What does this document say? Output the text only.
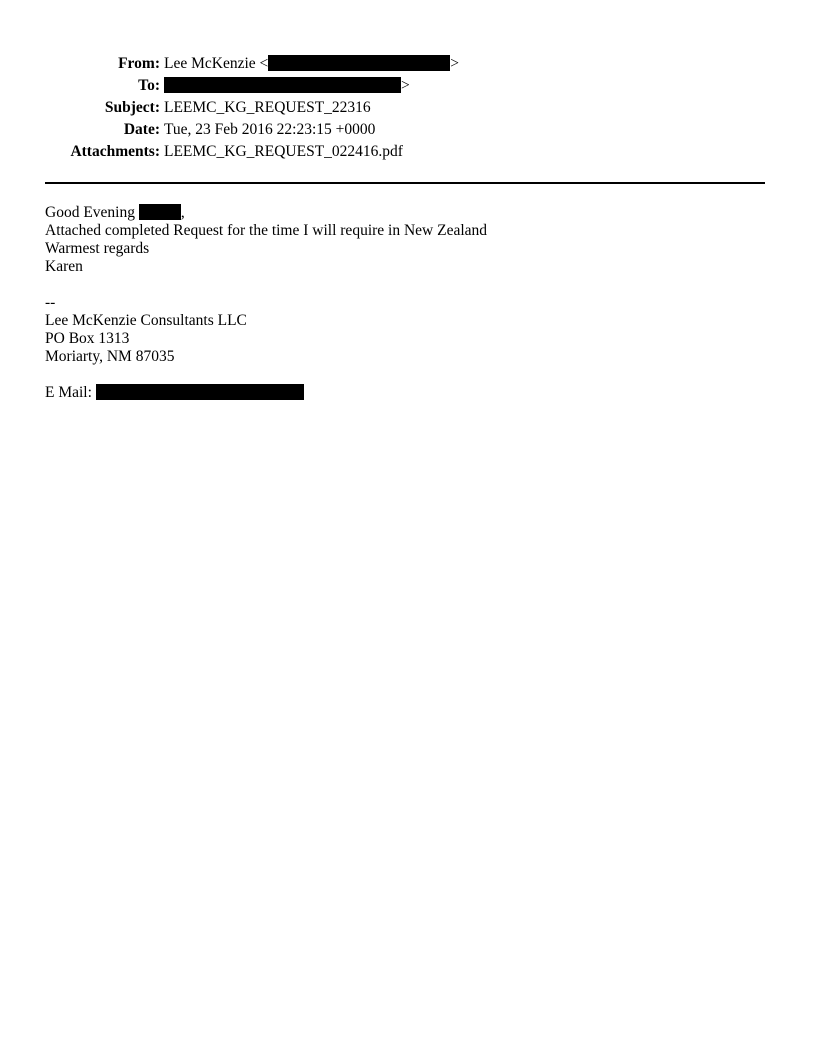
From: Lee McKenzie <	>
To:	>
Subject: LEEMC_KG_REQUEST_22316
Date: Tue, 23 Feb 2016 22:23:15 +0000
Attachments: LEEMC_KG_REQUEST_022416.pdf
Good Evening	,
Attached completed Request for the time I will require in New Zealand
Warmest regards
Karen
--
Lee McKenzie Consultants LLC
PO Box 1313
Moriarty, NM 87035
E Mail:
